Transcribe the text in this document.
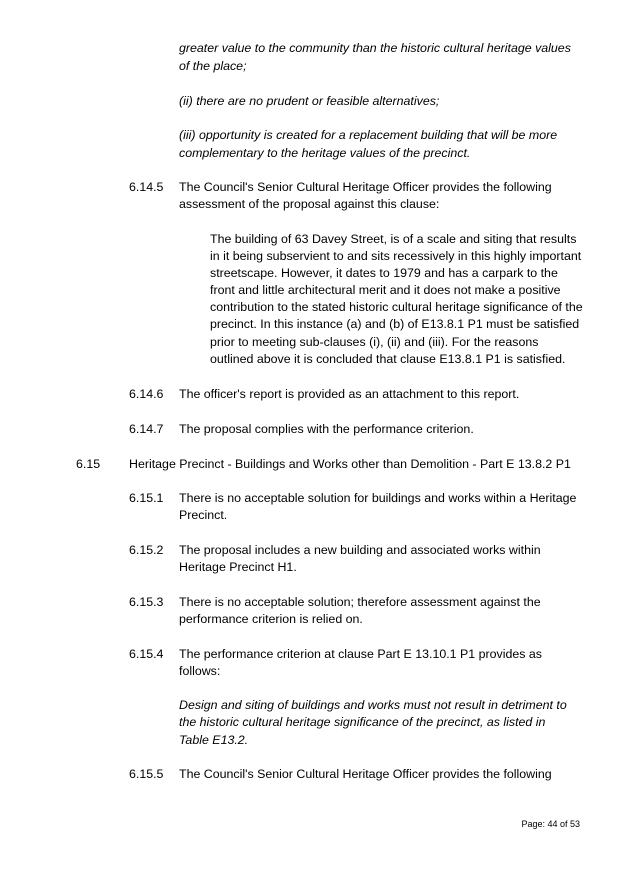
greater value to the community than the historic cultural heritage values
of the place;
(ii) there are no prudent or feasible alternatives;
(iii) opportunity is created for a replacement building that will be more
complementary to the heritage values of the precinct.
6.14.5 The Council's Senior Cultural Heritage Officer provides the following
assessment of the proposal against this clause:
The building of 63 Davey Street, is of a scale and siting that results
in it being subservient to and sits recessively in this highly important
streetscape. However, it dates to 1979 and has a carpark to the
front and little architectural merit and it does not make a positive
contribution to the stated historic cultural heritage significance of the
precinct. In this instance (a) and (b) of E13.8.1 P1 must be satisfied
prior to meeting sub-clauses (i), (ii) and (iii). For the reasons
outlined above it is concluded that clause E13.8.1 P1 is satisfied.
6.14.6 The officer's report is provided as an attachment to this report.
6.14.7 The proposal complies with the performance criterion.
6.15 Heritage Precinct - Buildings and Works other than Demolition - Part E 13.8.2 P1
6.15.1 There is no acceptable solution for buildings and works within a Heritage
Precinct.
6.15.2 The proposal includes a new building and associated works within
Heritage Precinct H1.
6.15.3 There is no acceptable solution; therefore assessment against the
performance criterion is relied on.
6.15.4 The performance criterion at clause Part E 13.10.1 P1 provides as
follows:
Design and siting of buildings and works must not result in detriment to
the historic cultural heritage significance of the precinct, as listed in
Table E13.2.
6.15.5 The Council's Senior Cultural Heritage Officer provides the following
Page: 44 of 53
